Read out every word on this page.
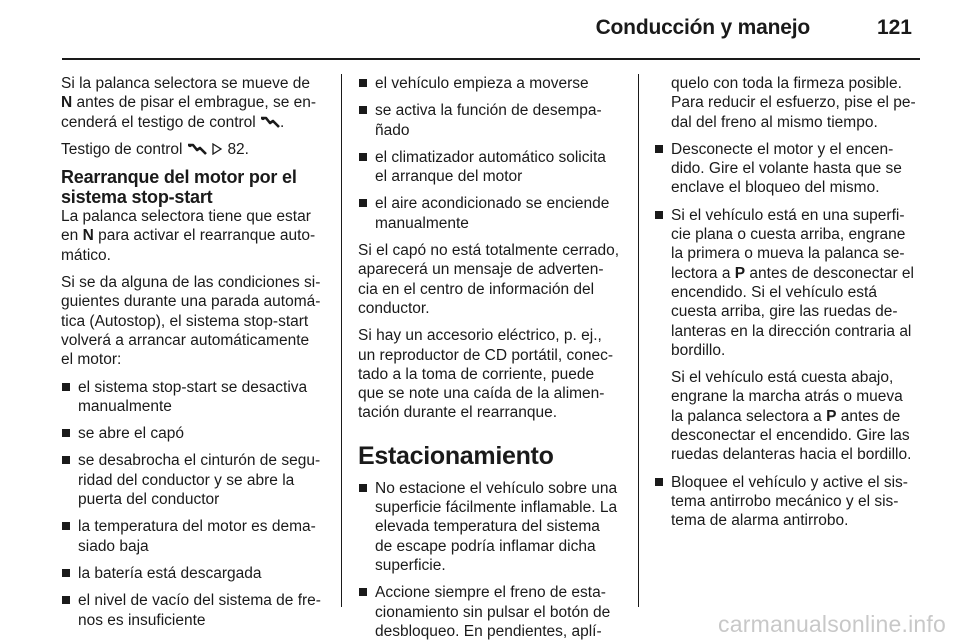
Conducción y manejo	121

Si la palanca selectora se mueve de
N antes de pisar el embrague, se en-
cenderá el testigo de control .

Testigo de control	82.

Rearranque del motor por el
sistema stop-start

La palanca selectora tiene que estar
en N para activar el rearranque auto-
mático.

Si se da alguna de las condiciones si-
guientes durante una parada automá-
tica (Autostop), el sistema stop-start
volverá a arrancar automáticamente
el motor:

el sistema stop-start se desactiva
manualmente
se abre el capó
se desabrocha el cinturón de segu-
ridad del conductor y se abre la
puerta del conductor
la temperatura del motor es dema-
siado baja
la batería está descargada
el nivel de vacío del sistema de fre-
nos es insuficiente
el vehículo empieza a moverse
se activa la función de desempa-
ñado
el climatizador automático solicita
el arranque del motor
el aire acondicionado se enciende
manualmente

Si el capó no está totalmente cerrado,
aparecerá un mensaje de adverten-
cia en el centro de información del
conductor.

Si hay un accesorio eléctrico, p. ej.,
un reproductor de CD portátil, conec-
tado a la toma de corriente, puede
que se note una caída de la alimen-
tación durante el rearranque.

Estacionamiento
No estacione el vehículo sobre una
superficie fácilmente inflamable. La
elevada temperatura del sistema
de escape podría inflamar dicha
superficie.
Accione siempre el freno de esta-
cionamiento sin pulsar el botón de
desbloqueo. En pendientes, aplí-

quelo con toda la firmeza posible.
Para reducir el esfuerzo, pise el pe-
dal del freno al mismo tiempo.

Desconecte el motor y el encen-
dido. Gire el volante hasta que se
enclave el bloqueo del mismo.
Si el vehículo está en una superfi-
cie plana o cuesta arriba, engrane
la primera o mueva la palanca se-
lectora a P antes de desconectar el
encendido. Si el vehículo está
cuesta arriba, gire las ruedas de-
lanteras en la dirección contraria al
bordillo.
Si el vehículo está cuesta abajo,
engrane la marcha atrás o mueva
la palanca selectora a P antes de
desconectar el encendido. Gire las
ruedas delanteras hacia el bordillo.
Bloquee el vehículo y active el sis-
tema antirrobo mecánico y el sis-
tema de alarma antirrobo.
carmanualsonline.info
